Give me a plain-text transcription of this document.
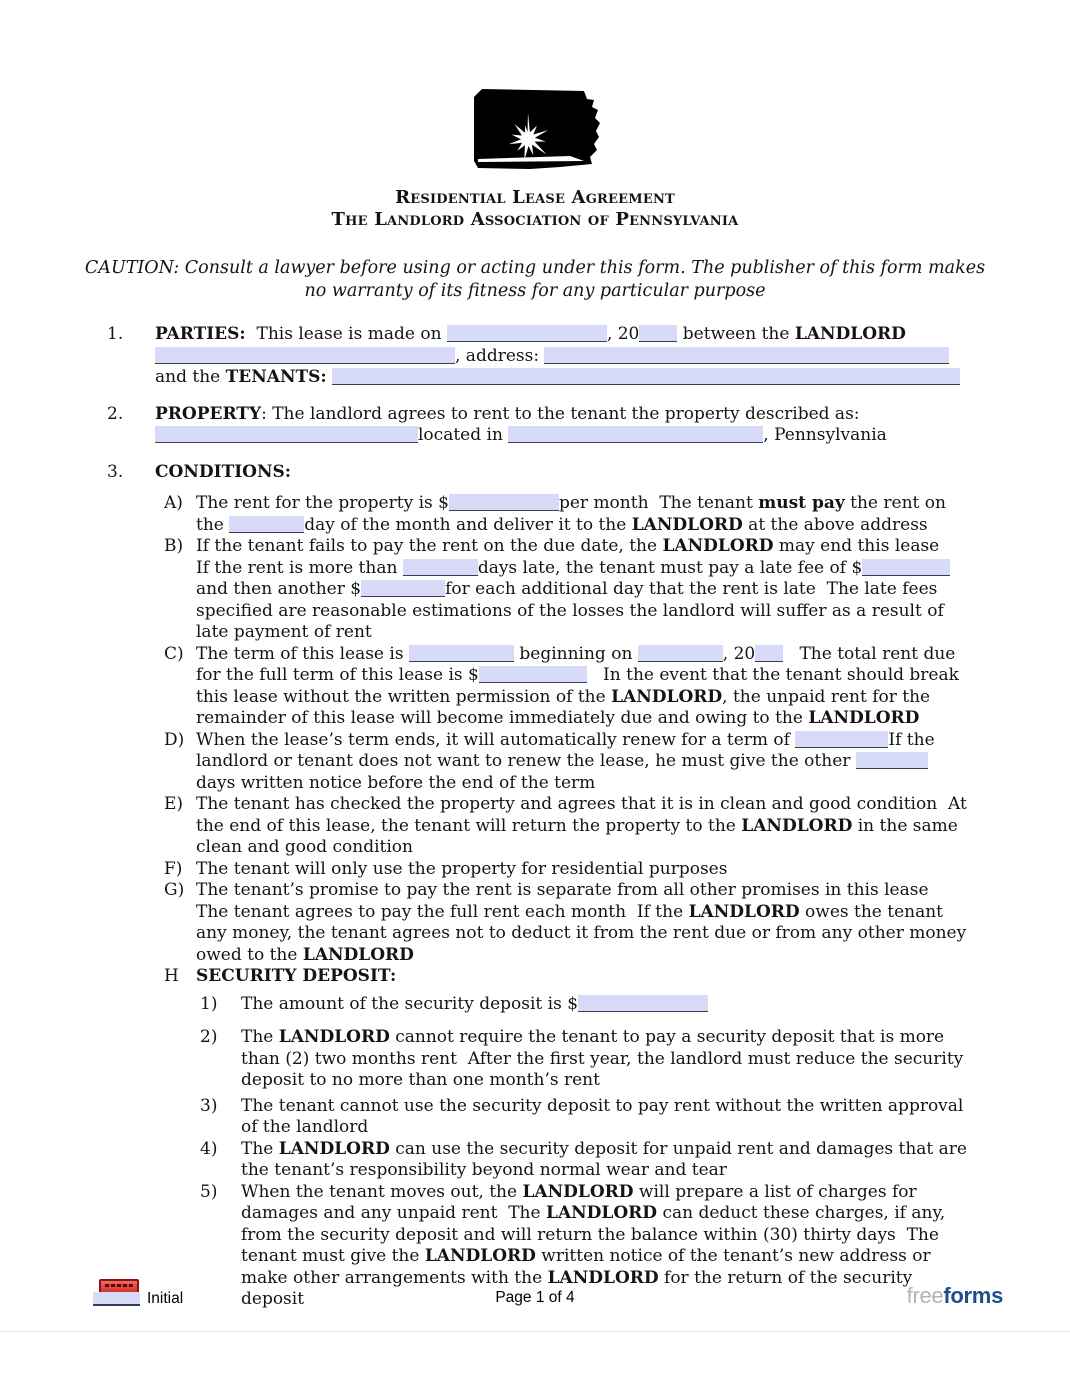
Residential Lease Agreement
The Landlord Association of Pennsylvania
CAUTION: Consult a lawyer before using or acting under this form. The publisher of this form makes no warranty of its fitness for any particular purpose
1.	PARTIES:  This lease is made on	, 20 between the LANDLORD
, address:
and the TENANTS:
2.	PROPERTY: The landlord agrees to rent to the tenant the property described as:
located in	, Pennsylvania
3.	CONDITIONS:
A) The rent for the property is $	per month  The tenant must pay the rent on the	day of the month and deliver it to the LANDLORD at the above address
B) If the tenant fails to pay the rent on the due date, the LANDLORD may end this lease   If the rent is more than	days late, the tenant must pay a late fee of $	and then another $	for each additional day that the rent is late  The late fees specified are reasonable estimations of the losses the landlord will suffer as a result of late payment of rent
C) The term of this lease is	beginning on	, 20   The total rent due for the full term of this lease is $	In the event that the tenant should break this lease without the written permission of the LANDLORD, the unpaid rent for the remainder of this lease will become immediately due and owing to the LANDLORD
D) When the lease’s term ends, it will automatically renew for a term of	If the landlord or tenant does not want to renew the lease, he must give the other	days written notice before the end of the term
E) The tenant has checked the property and agrees that it is in clean and good condition  At the end of this lease, the tenant will return the property to the LANDLORD in the same clean and good condition
F) The tenant will only use the property for residential purposes
G) The tenant’s promise to pay the rent is separate from all other promises in this lease  The tenant agrees to pay the full rent each month  If the LANDLORD owes the tenant any money, the tenant agrees not to deduct it from the rent due or from any other money owed to the LANDLORD
H	SECURITY DEPOSIT:
1)	The amount of the security deposit is $
2)	The LANDLORD cannot require the tenant to pay a security deposit that is more than (2) two months rent  After the first year, the landlord must reduce the security deposit to no more than one month’s rent
3)	The tenant cannot use the security deposit to pay rent without the written approval of the landlord
4)	The LANDLORD can use the security deposit for unpaid rent and damages that are the tenant’s responsibility beyond normal wear and tear
5)	When the tenant moves out, the LANDLORD will prepare a list of charges for damages and any unpaid rent  The LANDLORD can deduct these charges, if any, from the security deposit and will return the balance within (30) thirty days  The tenant must give the LANDLORD written notice of the tenant’s new address or make other arrangements with the LANDLORD for the return of the security deposit
Initial	Page 1 of 4	freeforms
